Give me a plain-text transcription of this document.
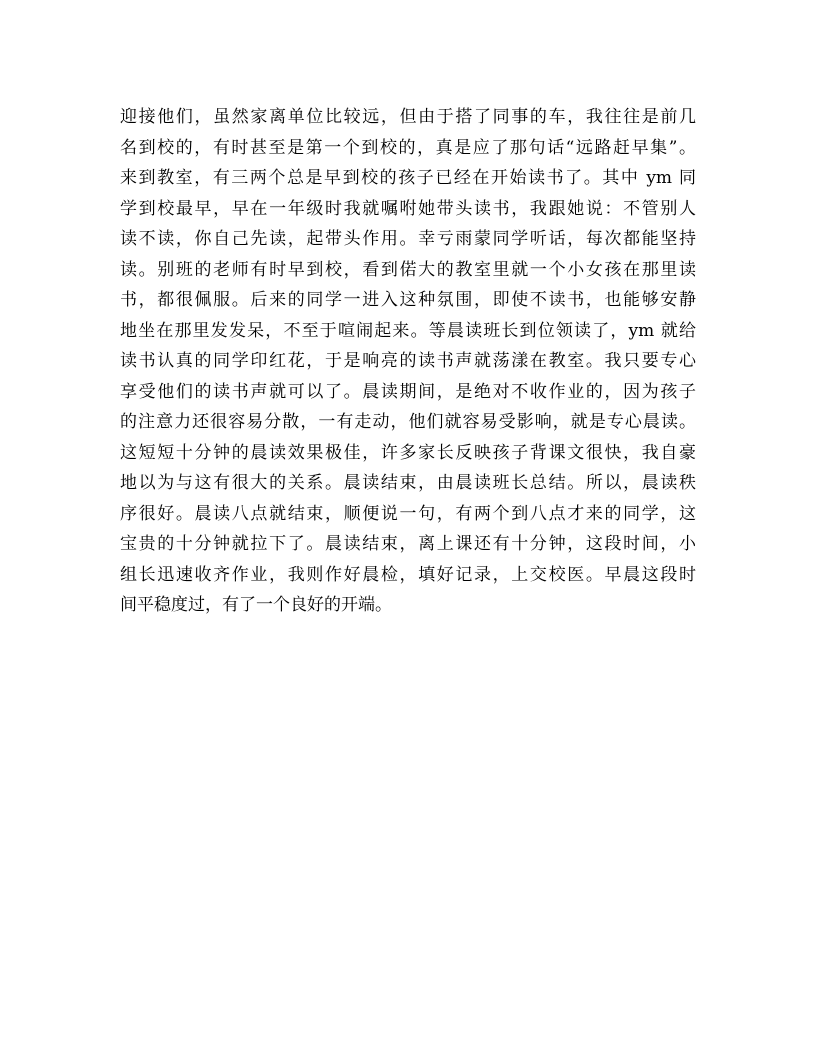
迎接他们，虽然家离单位比较远，但由于搭了同事的车，我往往是前几
名到校的，有时甚至是第一个到校的，真是应了那句话“远路赶早集”。
来到教室，有三两个总是早到校的孩子已经在开始读书了。其中 ym 同
学到校最早，早在一年级时我就嘱咐她带头读书，我跟她说：不管别人
读不读，你自己先读，起带头作用。幸亏雨蒙同学听话，每次都能坚持
读。别班的老师有时早到校，看到偌大的教室里就一个小女孩在那里读
书，都很佩服。后来的同学一进入这种氛围，即使不读书，也能够安静
地坐在那里发发呆，不至于喧闹起来。等晨读班长到位领读了，ym 就给
读书认真的同学印红花，于是响亮的读书声就荡漾在教室。我只要专心
享受他们的读书声就可以了。晨读期间，是绝对不收作业的，因为孩子
的注意力还很容易分散，一有走动，他们就容易受影响，就是专心晨读。
这短短十分钟的晨读效果极佳，许多家长反映孩子背课文很快，我自豪
地以为与这有很大的关系。晨读结束，由晨读班长总结。所以，晨读秩
序很好。晨读八点就结束，顺便说一句，有两个到八点才来的同学，这
宝贵的十分钟就拉下了。晨读结束，离上课还有十分钟，这段时间，小
组长迅速收齐作业，我则作好晨检，填好记录，上交校医。早晨这段时
间平稳度过，有了一个良好的开端。
